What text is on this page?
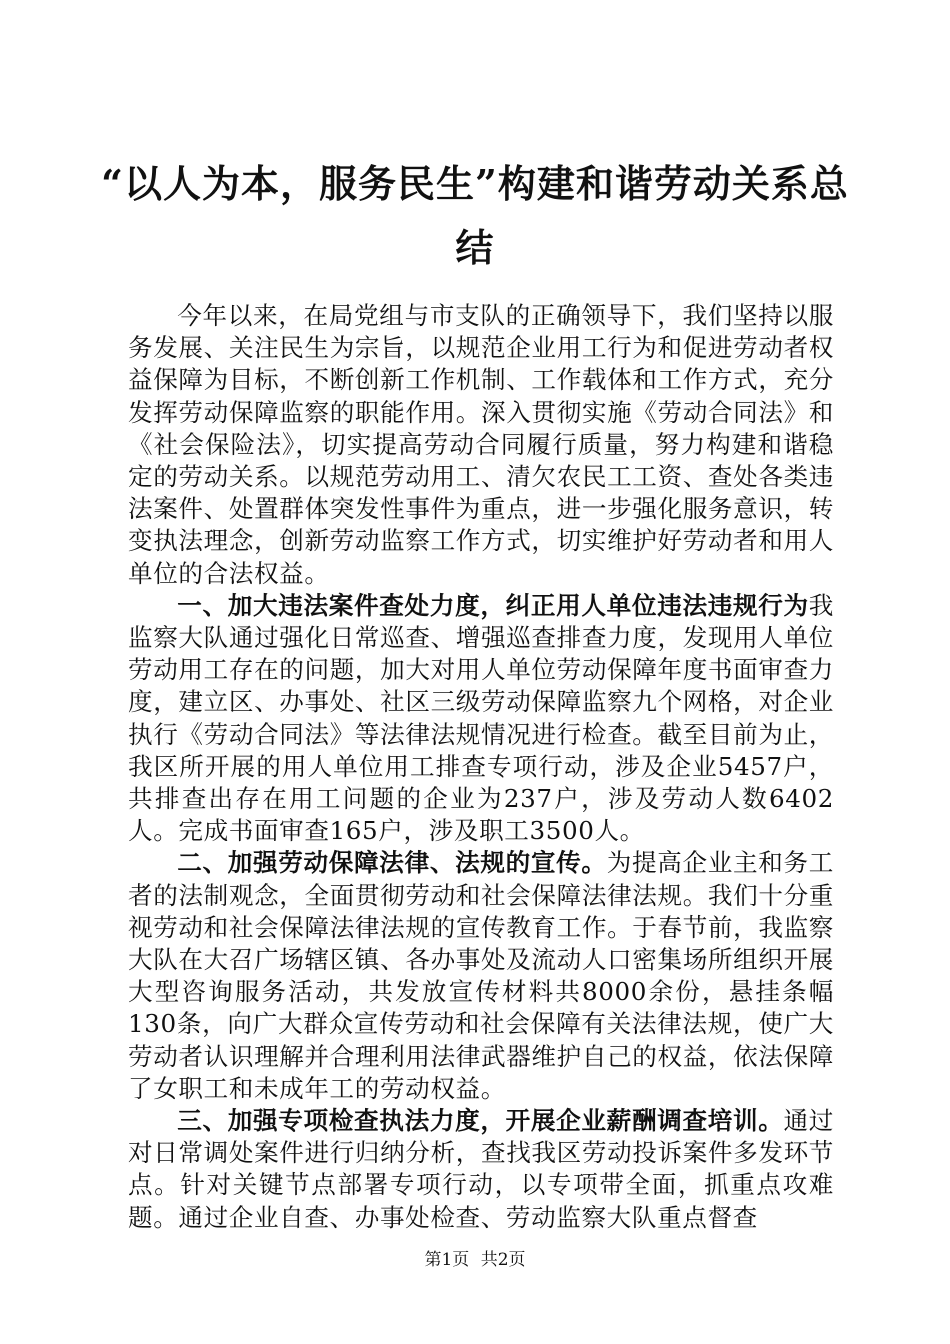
“以人为本，服务民生”构建和谐劳动关系总
结

今年以来，在局党组与市支队的正确领导下，我们坚持以服务发展、关注民生为宗旨，以规范企业用工行为和促进劳动者权益保障为目标，不断创新工作机制、工作载体和工作方式，充分发挥劳动保障监察的职能作用。深入贯彻实施《劳动合同法》和《社会保险法》，切实提高劳动合同履行质量，努力构建和谐稳定的劳动关系。以规范劳动用工、清欠农民工工资、查处各类违法案件、处置群体突发性事件为重点，进一步强化服务意识，转变执法理念，创新劳动监察工作方式，切实维护好劳动者和用人单位的合法权益。

一、加大违法案件查处力度，纠正用人单位违法违规行为我监察大队通过强化日常巡查、增强巡查排查力度，发现用人单位劳动用工存在的问题，加大对用人单位劳动保障年度书面审查力度，建立区、办事处、社区三级劳动保障监察九个网格，对企业执行《劳动合同法》等法律法规情况进行检查。截至目前为止，我区所开展的用人单位用工排查专项行动，涉及企业5457户，共排查出存在用工问题的企业为237户，涉及劳动人数6402人。完成书面审查165户，涉及职工3500人。

二、加强劳动保障法律、法规的宣传。为提高企业主和务工者的法制观念，全面贯彻劳动和社会保障法律法规。我们十分重视劳动和社会保障法律法规的宣传教育工作。于春节前，我监察大队在大召广场辖区镇、各办事处及流动人口密集场所组织开展大型咨询服务活动，共发放宣传材料共8000余份，悬挂条幅130条，向广大群众宣传劳动和社会保障有关法律法规，使广大劳动者认识理解并合理利用法律武器维护自己的权益，依法保障了女职工和未成年工的劳动权益。

三、加强专项检查执法力度，开展企业薪酬调查培训。通过对日常调处案件进行归纳分析，查找我区劳动投诉案件多发环节点。针对关键节点部署专项行动，以专项带全面，抓重点攻难题。通过企业自查、办事处检查、劳动监察大队重点督查

第1页 共2页
